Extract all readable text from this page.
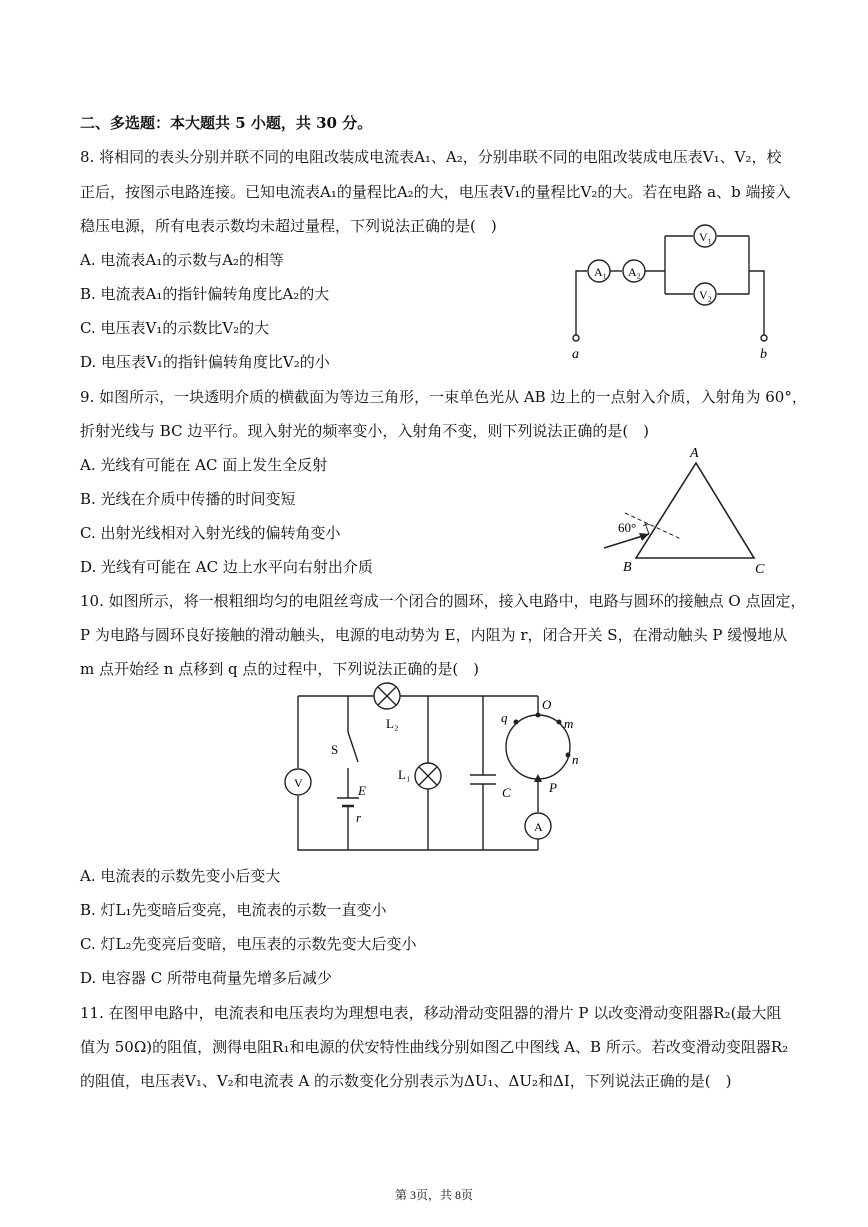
二、多选题：本大题共 5 小题，共 30 分。
8. 将相同的表头分别并联不同的电阻改装成电流表A₁、A₂，分别串联不同的电阻改装成电压表V₁、V₂，校
正后，按图示电路连接。已知电流表A₁的量程比A₂的大，电压表V₁的量程比V₂的大。若在电路 a、b 端接入
稳压电源，所有电表示数均未超过量程，下列说法正确的是(　)
A. 电流表A₁的示数与A₂的相等
B. 电流表A₁的指针偏转角度比A₂的大
C. 电压表V₁的示数比V₂的大
D. 电压表V₁的指针偏转角度比V₂的小
A₁ A₂
V₁
V₂
a	b
9. 如图所示，一块透明介质的横截面为等边三角形，一束单色光从 AB 边上的一点射入介质，入射角为 60°，
折射光线与 BC 边平行。现入射光的频率变小，入射角不变，则下列说法正确的是(　)
A. 光线有可能在 AC 面上发生全反射
B. 光线在介质中传播的时间变短
C. 出射光线相对入射光线的偏转角变小
D. 光线有可能在 AC 边上水平向右射出介质
A
B	C
60°
10. 如图所示，将一根粗细均匀的电阻丝弯成一个闭合的圆环，接入电路中，电路与圆环的接触点 O 点固定，
P 为电路与圆环良好接触的滑动触头，电源的电动势为 E，内阻为 r，闭合开关 S，在滑动触头 P 缓慢地从
m 点开始经 n 点移到 q 点的过程中，下列说法正确的是(　)
V
S
E
r
L₂
L₁
C
q
O
m
n
P
A
A. 电流表的示数先变小后变大
B. 灯L₁先变暗后变亮，电流表的示数一直变小
C. 灯L₂先变亮后变暗，电压表的示数先变大后变小
D. 电容器 C 所带电荷量先增多后减少
11. 在图甲电路中，电流表和电压表均为理想电表，移动滑动变阻器的滑片 P 以改变滑动变阻器R₂(最大阻
值为 50Ω)的阻值，测得电阻R₁和电源的伏安特性曲线分别如图乙中图线 A、B 所示。若改变滑动变阻器R₂
的阻值，电压表V₁、V₂和电流表 A 的示数变化分别表示为ΔU₁、ΔU₂和ΔI，下列说法正确的是(　)
第 3页，共 8页
